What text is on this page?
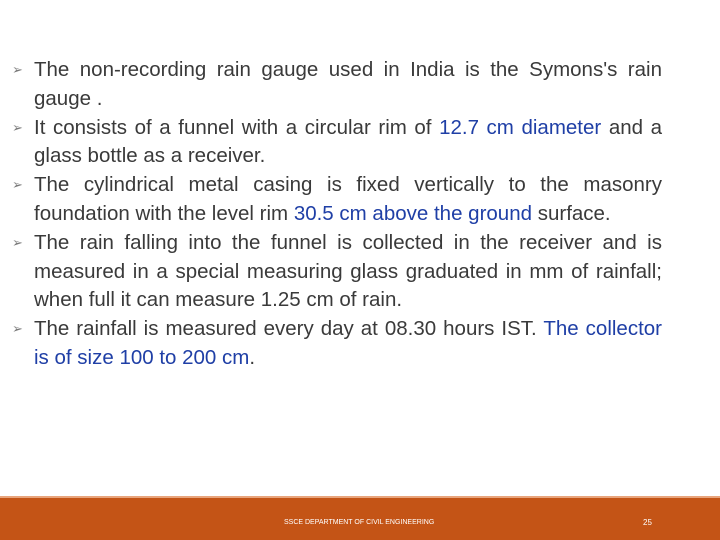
➢ The non-recording rain gauge used in India is the Symons's rain gauge .
➢ It consists of a funnel with a circular rim of 12.7 cm diameter and a glass bottle as a receiver.
➢ The cylindrical metal casing is fixed vertically to the masonry foundation with the level rim 30.5 cm above the ground surface.
➢ The rain falling into the funnel is collected in the receiver and is measured in a special measuring glass graduated in mm of rainfall; when full it can measure 1.25 cm of rain.
➢ The rainfall is measured every day at 08.30 hours IST. The collector is of size 100 to 200 cm.
SSCE DEPARTMENT OF CIVIL ENGINEERING	25
